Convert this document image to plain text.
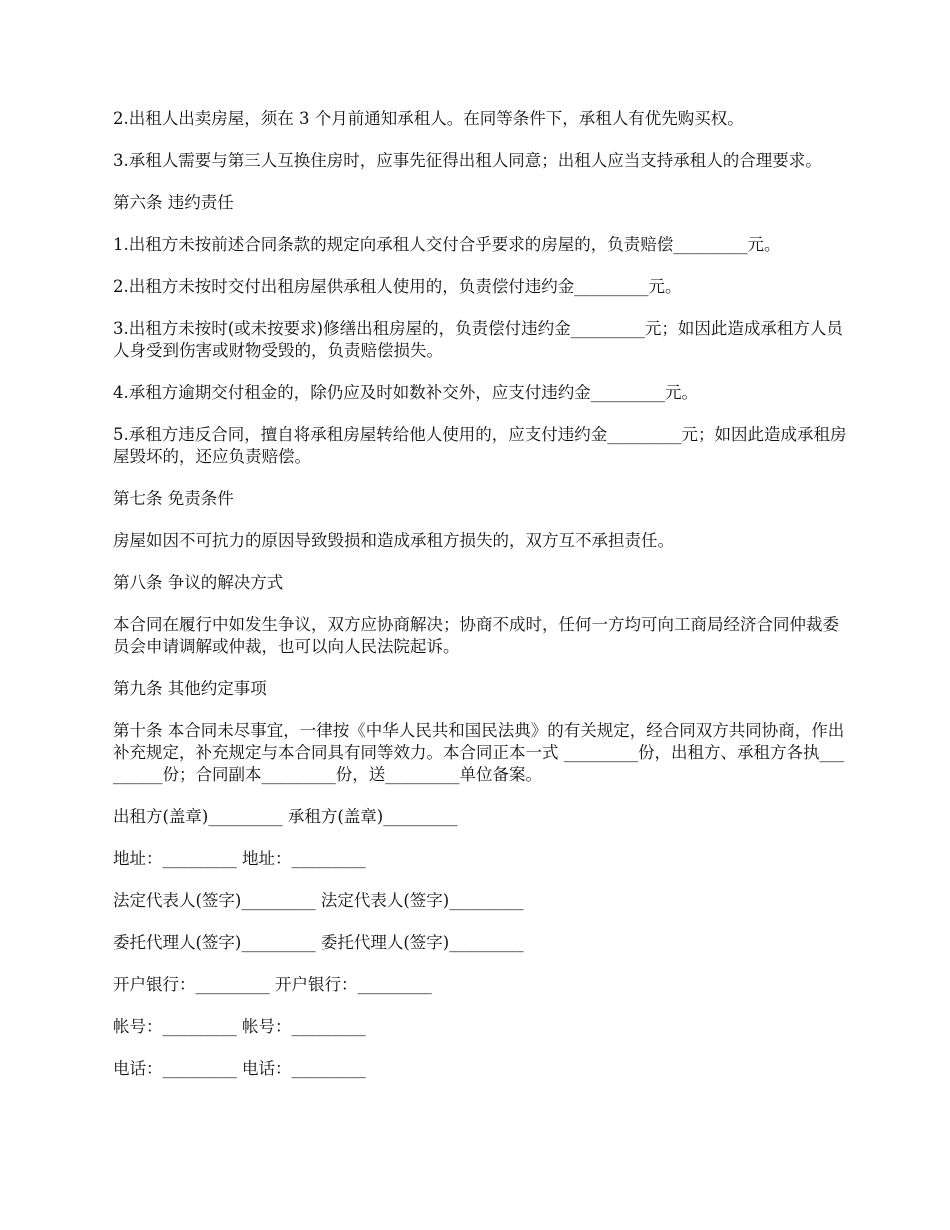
2.出租人出卖房屋，须在 3 个月前通知承租人。在同等条件下，承租人有优先购买权。

3.承租人需要与第三人互换住房时，应事先征得出租人同意；出租人应当支持承租人的合理要求。

第六条 违约责任

1.出租方未按前述合同条款的规定向承租人交付合乎要求的房屋的，负责赔偿_________元。

2.出租方未按时交付出租房屋供承租人使用的，负责偿付违约金_________元。

3.出租方未按时(或未按要求)修缮出租房屋的，负责偿付违约金_________元；如因此造成承租方人员人身受到伤害或财物受毁的，负责赔偿损失。

4.承租方逾期交付租金的，除仍应及时如数补交外，应支付违约金_________元。

5.承租方违反合同，擅自将承租房屋转给他人使用的，应支付违约金_________元；如因此造成承租房屋毁坏的，还应负责赔偿。

第七条 免责条件

房屋如因不可抗力的原因导致毁损和造成承租方损失的，双方互不承担责任。

第八条 争议的解决方式

本合同在履行中如发生争议，双方应协商解决；协商不成时，任何一方均可向工商局经济合同仲裁委员会申请调解或仲裁，也可以向人民法院起诉。

第九条 其他约定事项

第十条 本合同未尽事宜，一律按《中华人民共和国民法典》的有关规定，经合同双方共同协商，作出补充规定，补充规定与本合同具有同等效力。本合同正本一式 _________份，出租方、承租方各执_________份；合同副本_________份，送_________单位备案。

出租方(盖章)_________ 承租方(盖章)_________

地址：_________ 地址：_________

法定代表人(签字)_________ 法定代表人(签字)_________

委托代理人(签字)_________ 委托代理人(签字)_________

开户银行：_________ 开户银行：_________

帐号：_________ 帐号：_________

电话：_________ 电话：_________
